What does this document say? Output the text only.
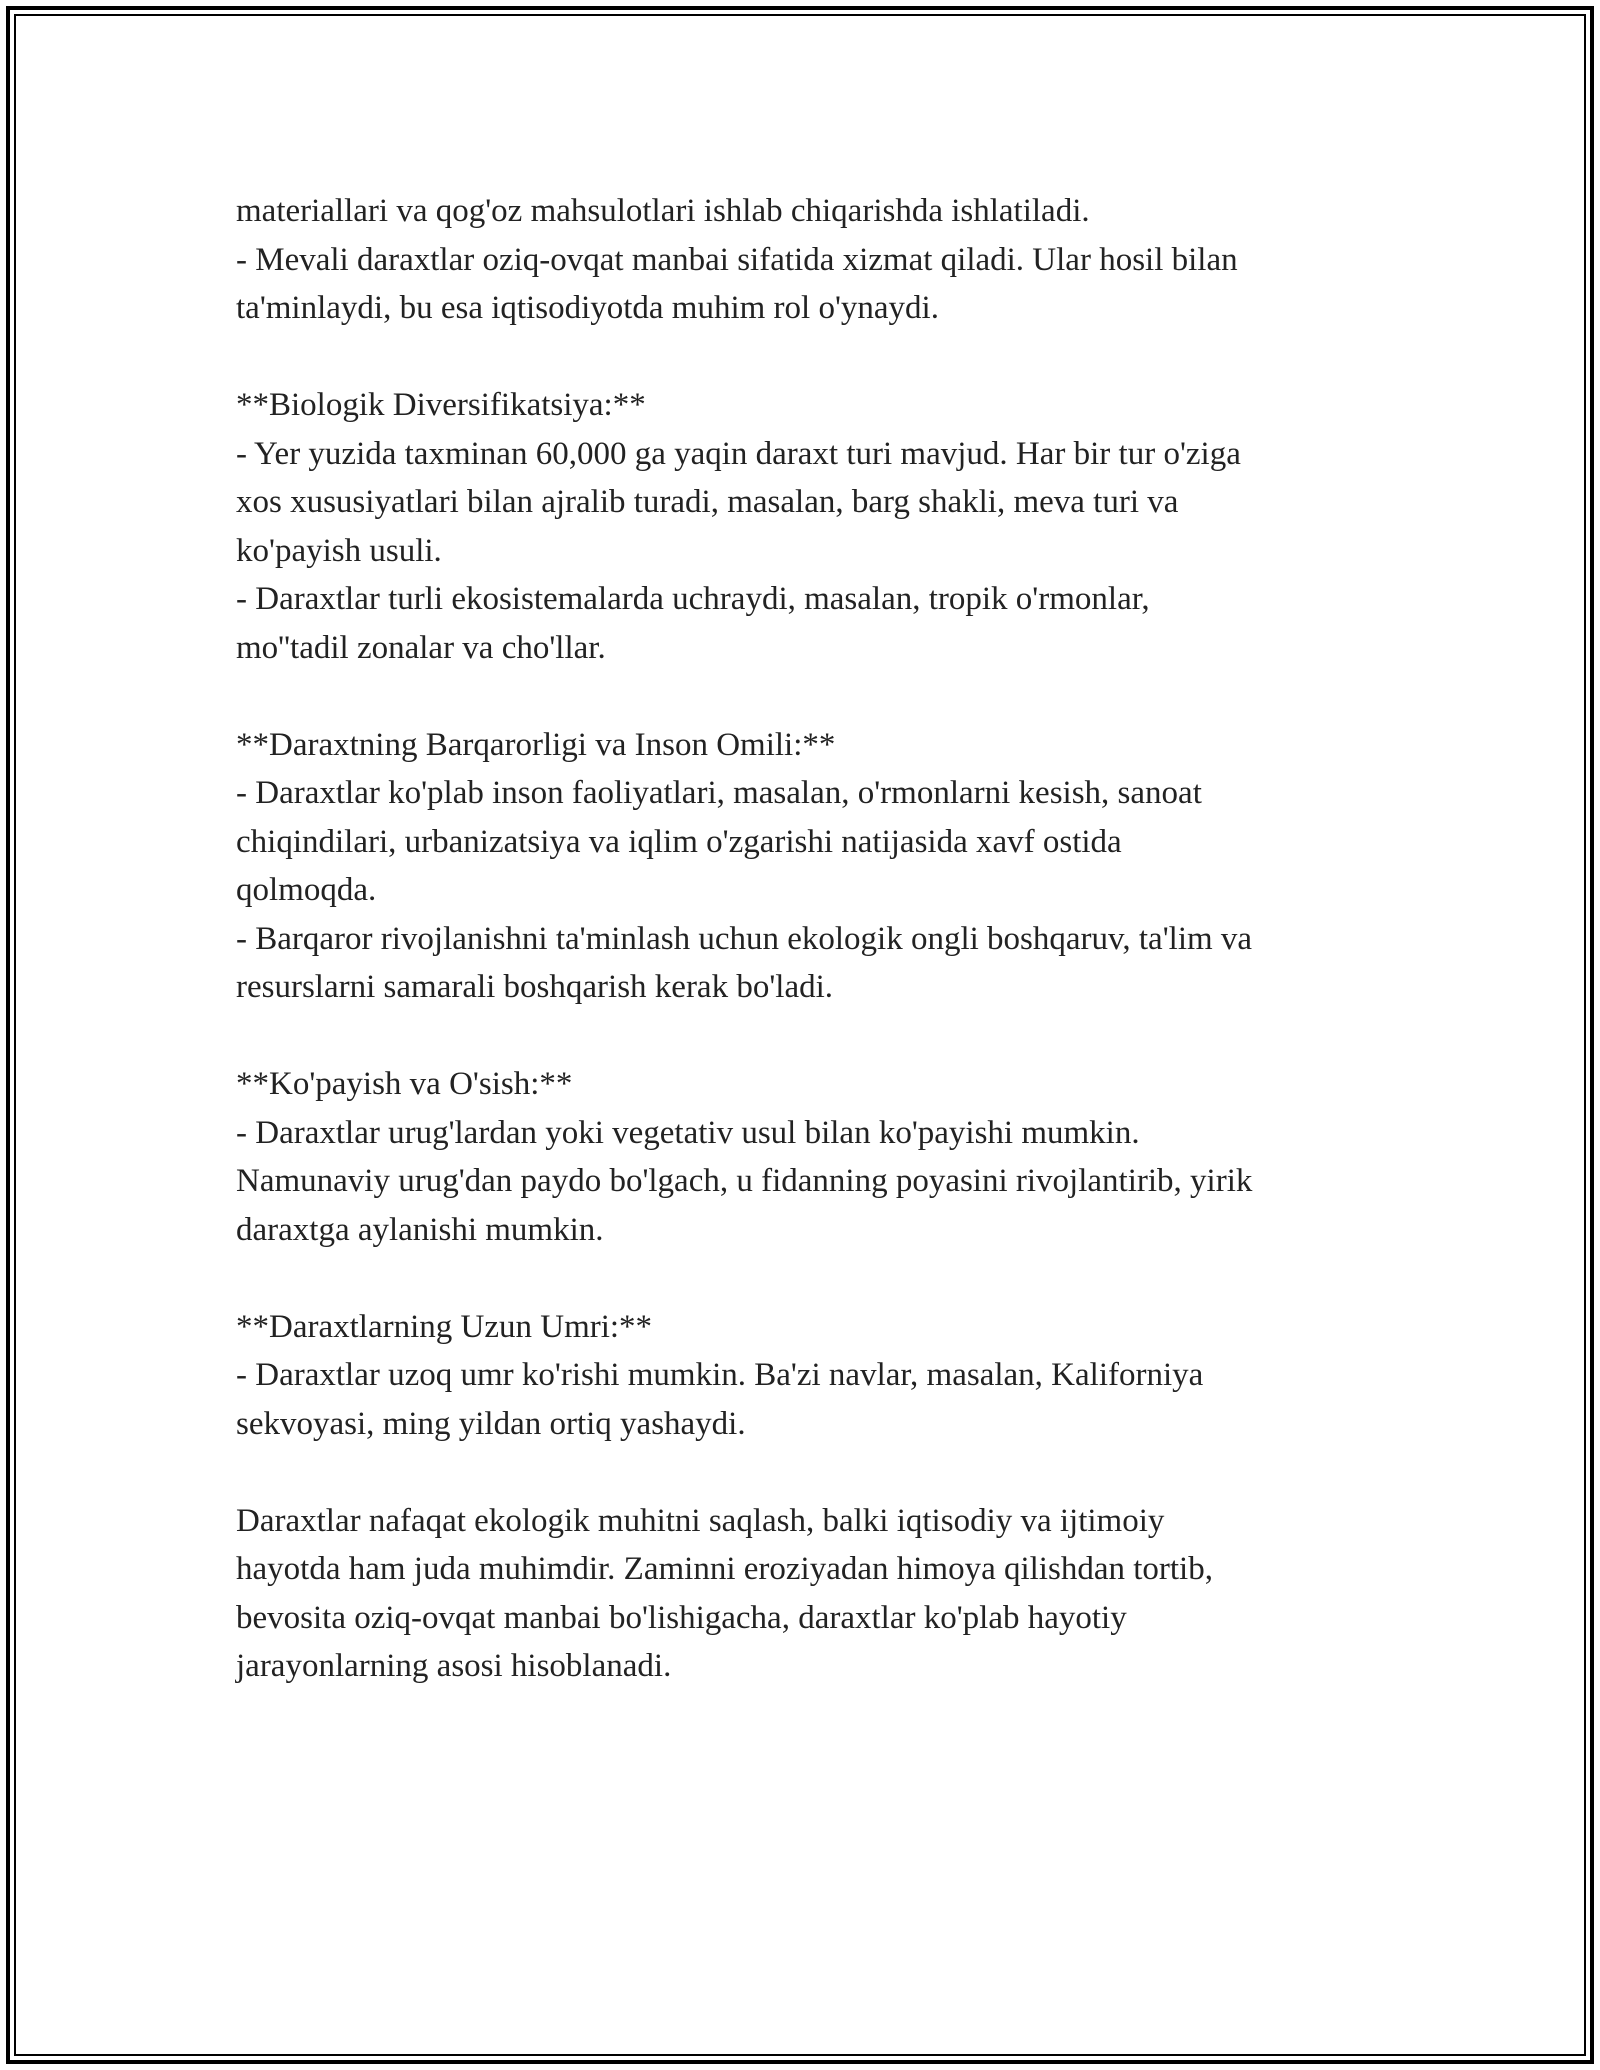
materiallari va qog'oz mahsulotlari ishlab chiqarishda ishlatiladi.

- Mevali daraxtlar oziq-ovqat manbai sifatida xizmat qiladi. Ular hosil bilan

ta'minlaydi, bu esa iqtisodiyotda muhim rol o'ynaydi.

**Biologik Diversifikatsiya:**

- Yer yuzida taxminan 60,000 ga yaqin daraxt turi mavjud. Har bir tur o'ziga

xos xususiyatlari bilan ajralib turadi, masalan, barg shakli, meva turi va

ko'payish usuli.

- Daraxtlar turli ekosistemalarda uchraydi, masalan, tropik o'rmonlar,

mo''tadil zonalar va cho'llar.

**Daraxtning Barqarorligi va Inson Omili:**

- Daraxtlar ko'plab inson faoliyatlari, masalan, o'rmonlarni kesish, sanoat

chiqindilari, urbanizatsiya va iqlim o'zgarishi natijasida xavf ostida

qolmoqda.

- Barqaror rivojlanishni ta'minlash uchun ekologik ongli boshqaruv, ta'lim va

resurslarni samarali boshqarish kerak bo'ladi.

**Ko'payish va O'sish:**

- Daraxtlar urug'lardan yoki vegetativ usul bilan ko'payishi mumkin.

Namunaviy urug'dan paydo bo'lgach, u fidanning poyasini rivojlantirib, yirik

daraxtga aylanishi mumkin.

**Daraxtlarning Uzun Umri:**

- Daraxtlar uzoq umr ko'rishi mumkin. Ba'zi navlar, masalan, Kaliforniya

sekvoyasi, ming yildan ortiq yashaydi.

Daraxtlar nafaqat ekologik muhitni saqlash, balki iqtisodiy va ijtimoiy

hayotda ham juda muhimdir. Zaminni eroziyadan himoya qilishdan tortib,

bevosita oziq-ovqat manbai bo'lishigacha, daraxtlar ko'plab hayotiy

jarayonlarning asosi hisoblanadi.
